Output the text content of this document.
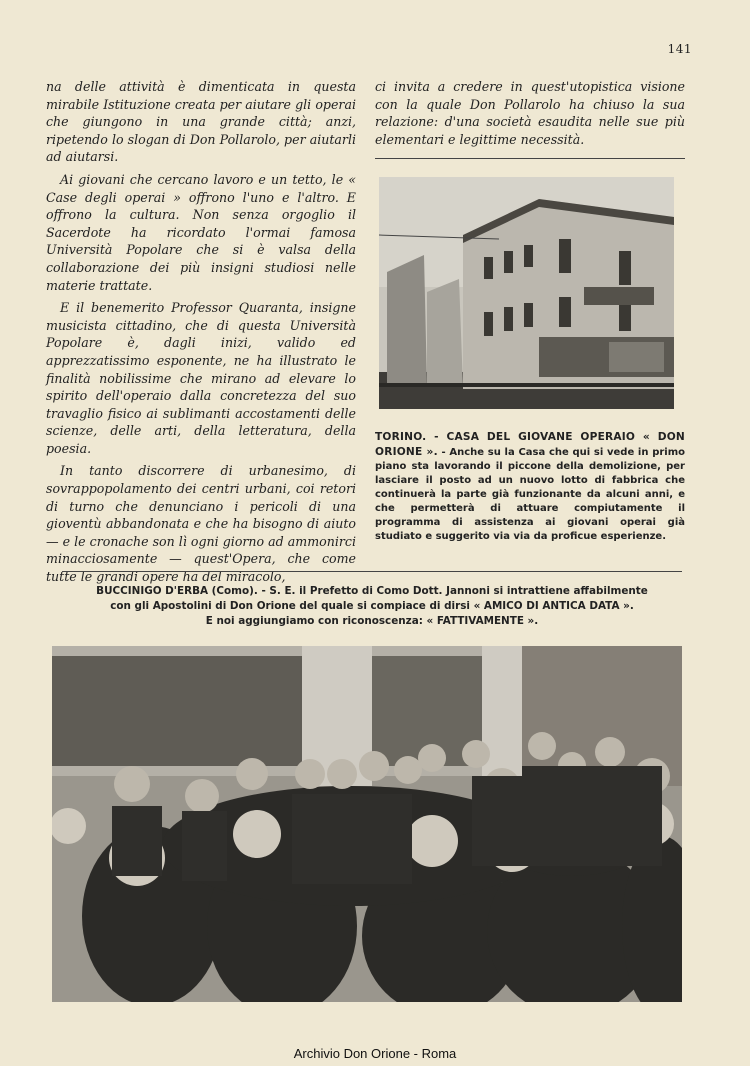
141

na delle attività è dimenticata in questa mirabile Istituzione creata per aiutare gli operai che giungono in una grande città; anzi, ripetendo lo slogan di Don Pollarolo, per aiutarli ad aiutarsi.

Ai giovani che cercano lavoro e un tetto, le « Case degli operai » offrono l'uno e l'altro. E offrono la cultura. Non senza orgoglio il Sacerdote ha ricordato l'ormai famosa Università Popolare che si è valsa della collaborazione dei più insigni studiosi nelle materie trattate.

E il benemerito Professor Quaranta, insigne musicista cittadino, che di questa Università Popolare è, dagli inizi, valido ed apprezzatissimo esponente, ne ha illustrato le finalità nobilissime che mirano ad elevare lo spirito dell'operaio dalla concretezza del suo travaglio fisico ai sublimanti accostamenti delle scienze, delle arti, della letteratura, della poesia.

In tanto discorrere di urbanesimo, di sovrappopolamento dei centri urbani, coi retori di turno che denunciano i pericoli di una gioventù abbandonata e che ha bisogno di aiuto — e le cronache son lì ogni giorno ad ammonirci minacciosamente — quest'Opera, che come tutte le grandi opere ha del miracolo,

ci invita a credere in quest'utopistica visione con la quale Don Pollarolo ha chiuso la sua relazione: d'una società esaudita nelle sue più elementari e legittime necessità.
TORINO. - CASA DEL GIOVANE OPERAIO « DON ORIONE ». - Anche su la Casa che qui si vede in primo piano sta lavorando il piccone della demolizione, per lasciare il posto ad un nuovo lotto di fabbrica che continuerà la parte già funzionante da alcuni anni, e che permetterà di attuare compiutamente il programma di assistenza ai giovani operai già studiato e suggerito via via da proficue esperienze.
BUCCINIGO D'ERBA (Como). - S. E. il Prefetto di Como Dott. Jannoni si intrattiene affabilmente
con gli Apostolini di Don Orione del quale si compiace di dirsi « AMICO DI ANTICA DATA ».
E noi aggiungiamo con riconoscenza: « FATTIVAMENTE ».
Archivio Don Orione - Roma
